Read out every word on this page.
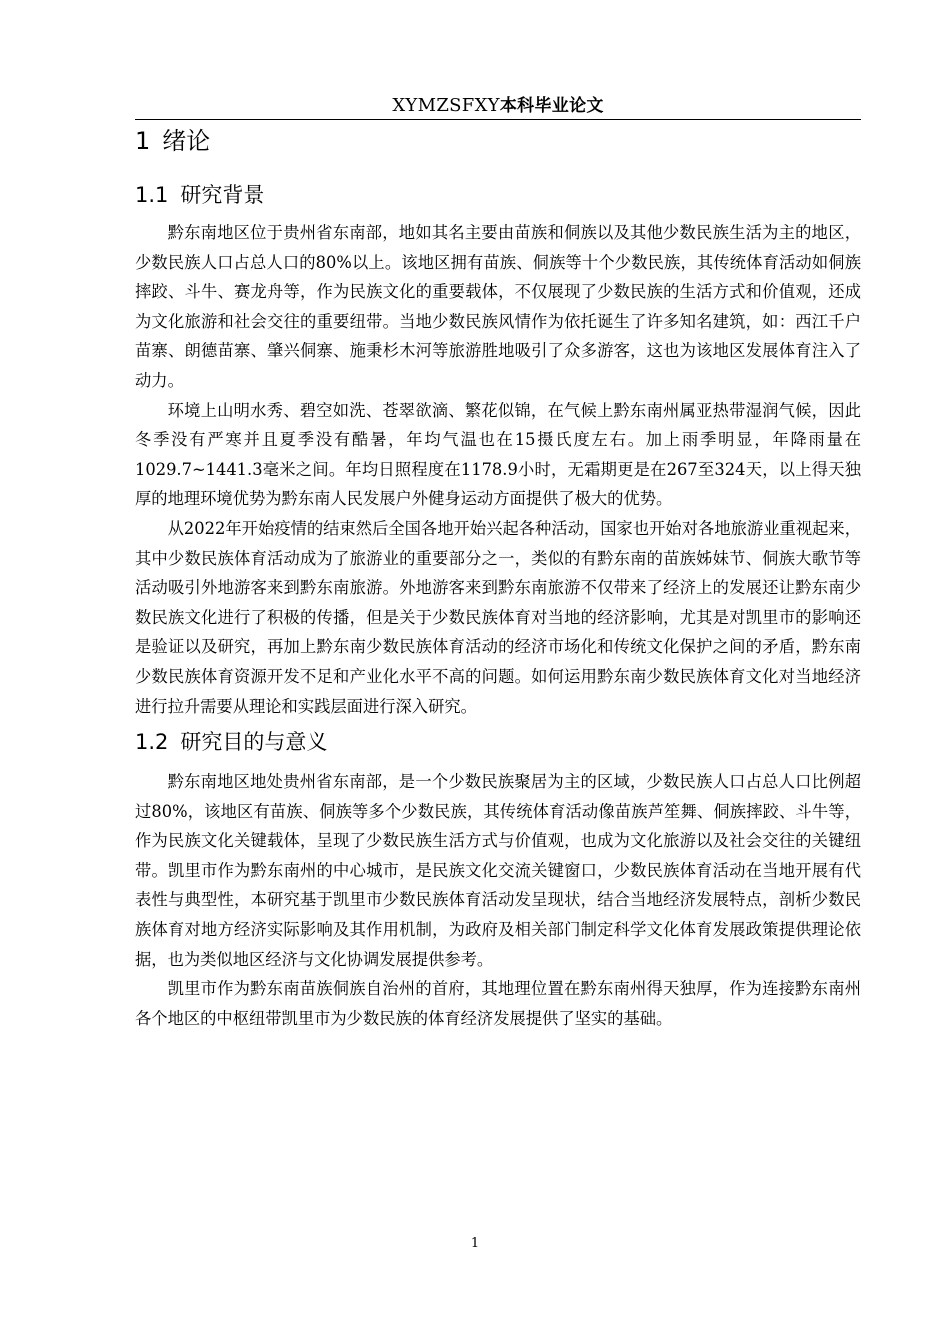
XYMZSFXY本科毕业论文
1 绪论
1.1 研究背景

黔东南地区位于贵州省东南部，地如其名主要由苗族和侗族以及其他少数民族生活为主的地区，少数民族人口占总人口的80%以上。该地区拥有苗族、侗族等十个少数民族，其传统体育活动如侗族摔跤、斗牛、赛龙舟等，作为民族文化的重要载体，不仅展现了少数民族的生活方式和价值观，还成为文化旅游和社会交往的重要纽带。当地少数民族风情作为依托诞生了许多知名建筑，如：西江千户苗寨、朗德苗寨、肇兴侗寨、施秉杉木河等旅游胜地吸引了众多游客，这也为该地区发展体育注入了动力。

环境上山明水秀、碧空如洗、苍翠欲滴、繁花似锦，在气候上黔东南州属亚热带湿润气候，因此冬季没有严寒并且夏季没有酷暑，年均气温也在15摄氏度左右。加上雨季明显，年降雨量在1029.7~1441.3毫米之间。年均日照程度在1178.9小时，无霜期更是在267至324天，以上得天独厚的地理环境优势为黔东南人民发展户外健身运动方面提供了极大的优势。

从2022年开始疫情的结束然后全国各地开始兴起各种活动，国家也开始对各地旅游业重视起来，其中少数民族体育活动成为了旅游业的重要部分之一，类似的有黔东南的苗族姊妹节、侗族大歌节等活动吸引外地游客来到黔东南旅游。外地游客来到黔东南旅游不仅带来了经济上的发展还让黔东南少数民族文化进行了积极的传播，但是关于少数民族体育对当地的经济影响，尤其是对凯里市的影响还是验证以及研究，再加上黔东南少数民族体育活动的经济市场化和传统文化保护之间的矛盾，黔东南少数民族体育资源开发不足和产业化水平不高的问题。如何运用黔东南少数民族体育文化对当地经济进行拉升需要从理论和实践层面进行深入研究。

1.2 研究目的与意义

黔东南地区地处贵州省东南部，是一个少数民族聚居为主的区域，少数民族人口占总人口比例超过80%，该地区有苗族、侗族等多个少数民族，其传统体育活动像苗族芦笙舞、侗族摔跤、斗牛等，作为民族文化关键载体，呈现了少数民族生活方式与价值观，也成为文化旅游以及社会交往的关键纽带。凯里市作为黔东南州的中心城市，是民族文化交流关键窗口，少数民族体育活动在当地开展有代表性与典型性，本研究基于凯里市少数民族体育活动发呈现状，结合当地经济发展特点，剖析少数民族体育对地方经济实际影响及其作用机制，为政府及相关部门制定科学文化体育发展政策提供理论依据，也为类似地区经济与文化协调发展提供参考。

凯里市作为黔东南苗族侗族自治州的首府，其地理位置在黔东南州得天独厚，作为连接黔东南州各个地区的中枢纽带凯里市为少数民族的体育经济发展提供了坚实的基础。

1
